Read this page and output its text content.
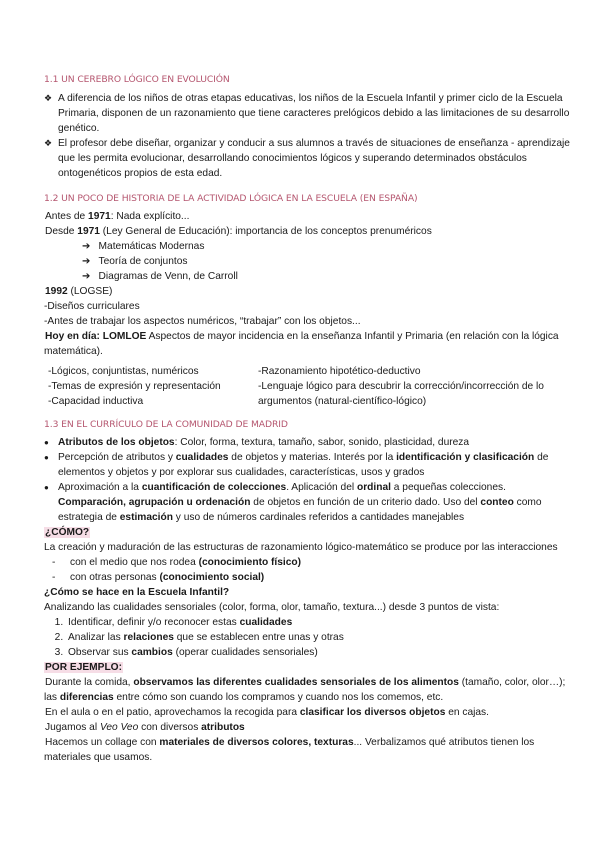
1.1 UN CEREBRO LÓGICO EN EVOLUCIÓN

❖ A diferencia de los niños de otras etapas educativas, los niños de la Escuela Infantil y primer ciclo de la Escuela Primaria, disponen de un razonamiento que tiene caracteres prelógicos debido a las limitaciones de su desarrollo genético.

❖ El profesor debe diseñar, organizar y conducir a sus alumnos a través de situaciones de enseñanza - aprendizaje que les permita evolucionar, desarrollando conocimientos lógicos y superando determinados obstáculos ontogenéticos propios de esta edad.

1.2 UN POCO DE HISTORIA DE LA ACTIVIDAD LÓGICA EN LA ESCUELA (EN ESPAÑA)

Antes de 1971: Nada explícito...

Desde 1971 (Ley General de Educación): importancia de los conceptos prenuméricos

➔ Matemáticas Modernas

➔ Teoría de conjuntos

➔ Diagramas de Venn, de Carroll

1992 (LOGSE)

-Diseños curriculares

-Antes de trabajar los aspectos numéricos, “trabajar” con los objetos...

Hoy en día: LOMLOE Aspectos de mayor incidencia en la enseñanza Infantil y Primaria (en relación con la lógica matemática).

-Lógicos, conjuntistas, numéricos

-Temas de expresión y representación

-Capacidad inductiva

-Razonamiento hipotético-deductivo

-Lenguaje lógico para descubrir la corrección/incorrección de lo

argumentos (natural-científico-lógico)

1.3 EN EL CURRÍCULO DE LA COMUNIDAD DE MADRID

● Atributos de los objetos: Color, forma, textura, tamaño, sabor, sonido, plasticidad, dureza
● Percepción de atributos y cualidades de objetos y materias. Interés por la identificación y clasificación de elementos y objetos y por explorar sus cualidades, características, usos y grados
● Aproximación a la cuantificación de colecciones. Aplicación del ordinal a pequeñas colecciones. Comparación, agrupación u ordenación de objetos en función de un criterio dado. Uso del conteo como estrategia de estimación y uso de números cardinales referidos a cantidades manejables

¿CÓMO?

La creación y maduración de las estructuras de razonamiento lógico-matemático se produce por las interacciones

- con el medio que nos rodea (conocimiento físico)

- con otras personas (conocimiento social)

¿Cómo se hace en la Escuela Infantil?

Analizando las cualidades sensoriales (color, forma, olor, tamaño, textura...) desde 3 puntos de vista:

1. Identificar, definir y/o reconocer estas cualidades
2. Analizar las relaciones que se establecen entre unas y otras
3. Observar sus cambios (operar cualidades sensoriales)

POR EJEMPLO:

Durante la comida, observamos las diferentes cualidades sensoriales de los alimentos (tamaño, color, olor…); las diferencias entre cómo son cuando los compramos y cuando nos los comemos, etc.

En el aula o en el patio, aprovechamos la recogida para clasificar los diversos objetos en cajas.

Jugamos al Veo Veo con diversos atributos

Hacemos un collage con materiales de diversos colores, texturas... Verbalizamos qué atributos tienen los materiales que usamos.
